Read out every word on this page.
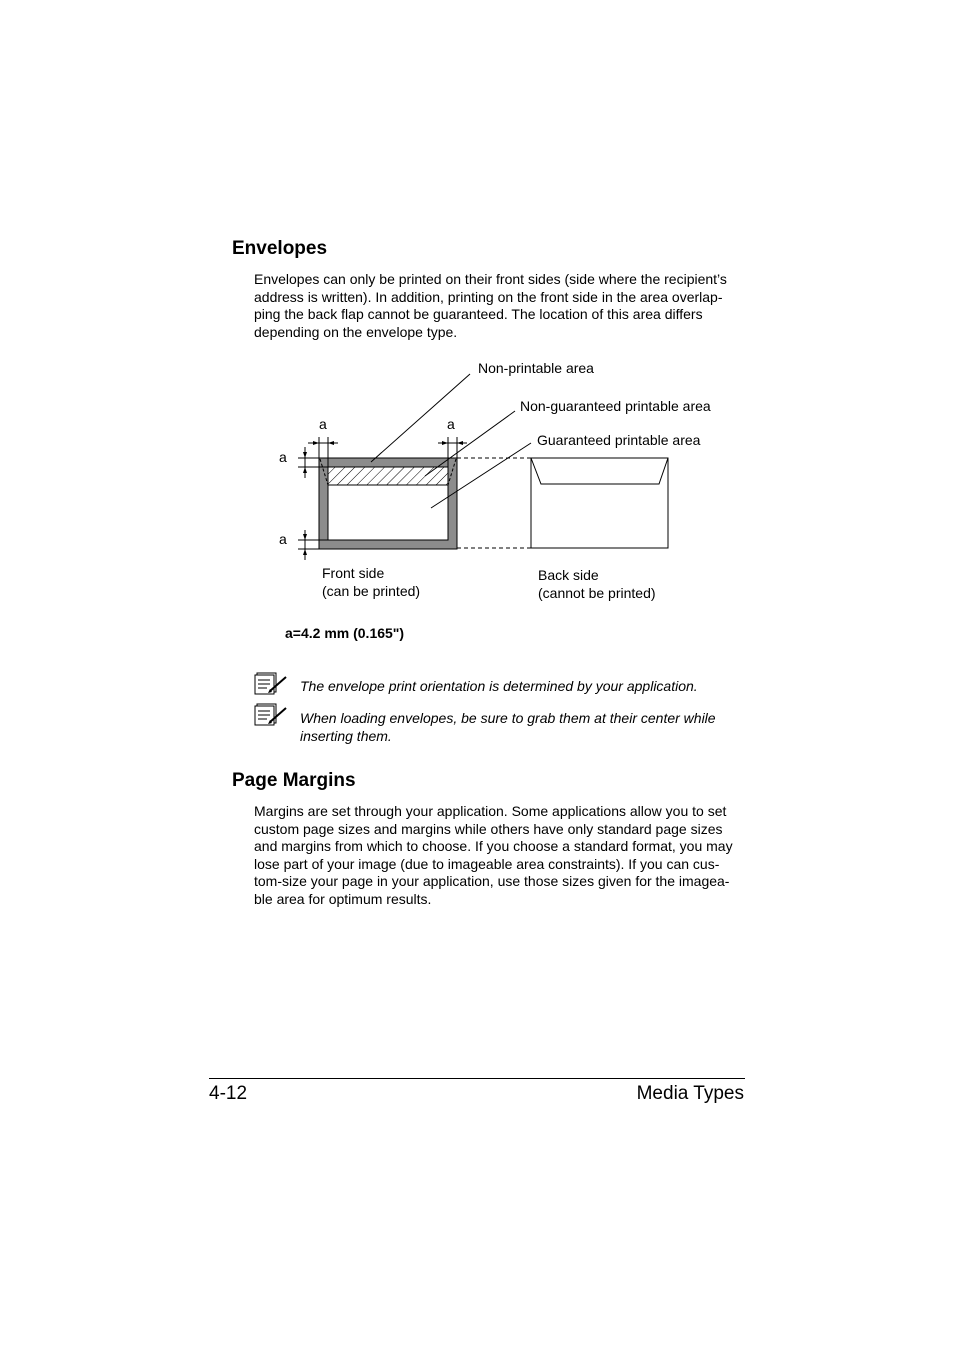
Envelopes

Envelopes can only be printed on their front sides (side where the recipient’s

address is written). In addition, printing on the front side in the area overlap-

ping the back flap cannot be guaranteed. The location of this area differs

depending on the envelope type.

Non-printable area
Non-guaranteed printable area
Guaranteed printable area
a	a
a
a
Front side
(can be printed)
Back side
(cannot be printed)
a=4.2 mm (0.165")
The envelope print orientation is determined by your application.
When loading envelopes, be sure to grab them at their center while
inserting them.
Page Margins

Margins are set through your application. Some applications allow you to set

custom page sizes and margins while others have only standard page sizes

and margins from which to choose. If you choose a standard format, you may

lose part of your image (due to imageable area constraints). If you can cus-

tom-size your page in your application, use those sizes given for the imagea-

ble area for optimum results.

4-12	Media Types
